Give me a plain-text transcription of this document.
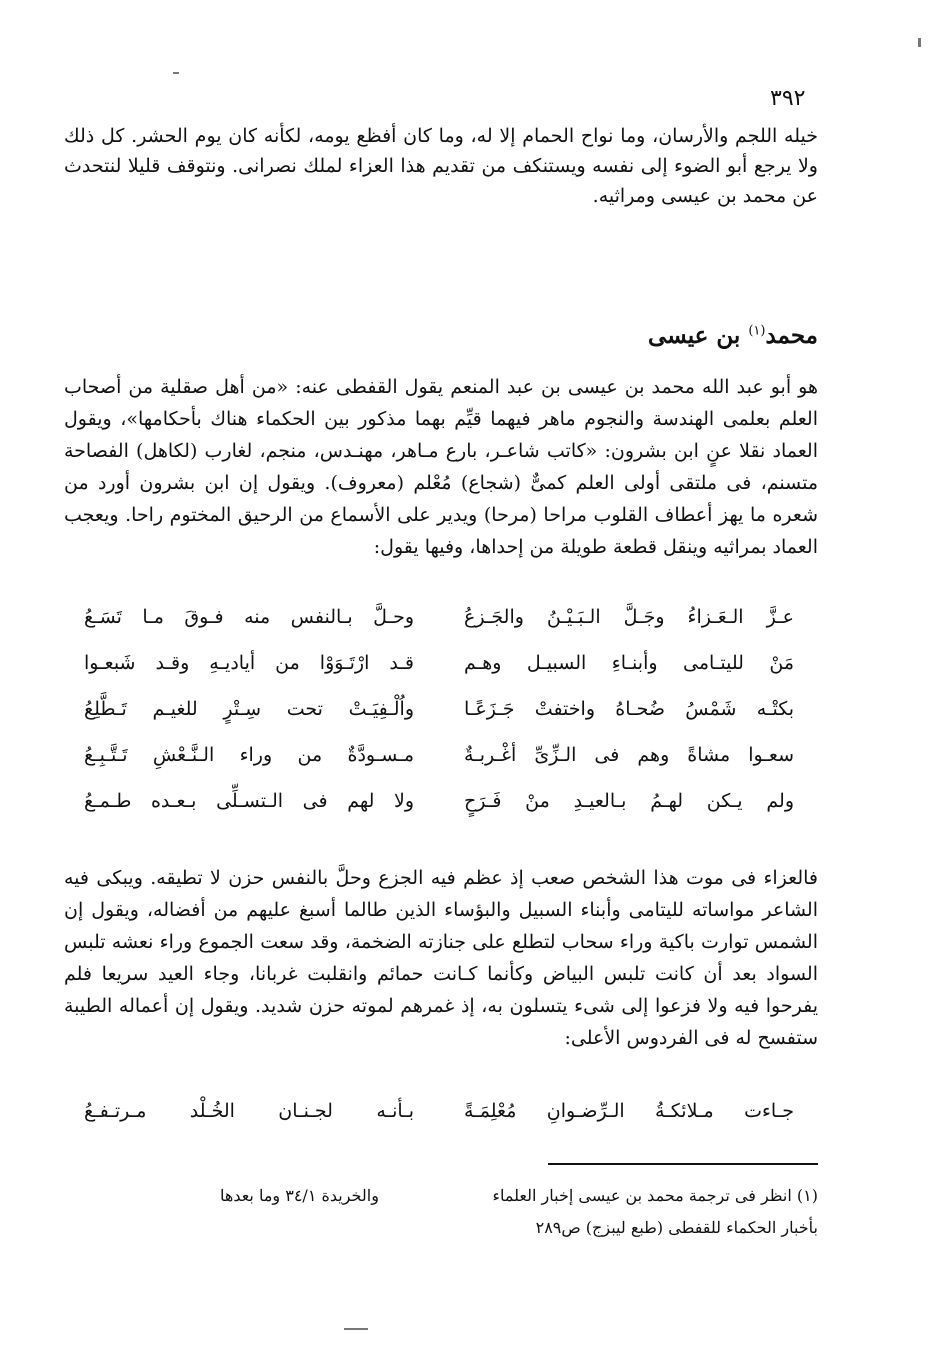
٣٩٢

خيله اللجم والأرسان، وما نواح الحمام إلا له، وما كان أفظع يومه، لكأنه كان يوم الحشر. كل ذلك ولا يرجع أبو الضوء إلى نفسه ويستنكف من تقديم هذا العزاء لملك نصرانى. ونتوقف قليلا لنتحدث عن محمد بن عيسى ومراثيه.

محمد$^{(١)}$ بن عيسى

هو أبو عبد الله محمد بن عيسى بن عبد المنعم يقول القفطى عنه: «من أهل صقلية من أصحاب العلم بعلمى الهندسة والنجوم ماهر فيهما قيِّم بهما مذكور بين الحكماء هناك بأحكامها»، ويقول العماد نقلا عنٍ ابن بشرون: «كاتب شاعـر، بارع مـاهر، مهنـدس، منجم، لغارب (لكاهل) الفصاحة متسنم، فى ملتقى أولى العلم كمىٌّ (شجاع) مُعْلم (معروف). ويقول إن ابن بشرون أورد من شعره ما يهز أعطاف القلوب مراحا (مرحا) ويدير على الأسماع من الرحيق المختوم راحا. ويعجب العماد بمراثيه وينقل قطعة طويلة من إحداها، وفيها يقول:

عـزَّ الـعَـزاءُ وجَـلَّ الـبَـيْـنُ والجَـزعُ
وحـلَّ بـالنفس منه فـوقَ مـا تَسَـعُ
مَنْ لليتـامى وأبنـاءِ السبيـل وهـم
قـد ارْتَـوَوْا من أياديـهِ وقـد شَبعـوا
بكتْـه شَمْسُ ضُحـاهُ واختفتْ جَـزَعًـا
واُلْـفِيَـتْ تحت سِـتْرٍ للغيـم تَـطَّلِعُ
سعـوا مشاةً وهم فى الـزِّىِّ أغْـربـةٌ
مـسـودَّةٌ من وراء الـنَّـعْشِ تَـتَّـبِـعُ
ولم يـكن لهـمُ بـالعيـدِ منْ فَـرَحٍ
ولا لهم فى الـتسـلِّى بـعـده طـمـعُ

فالعزاء فى موت هذا الشخص صعب إذ عظم فيه الجزع وحلَّ بالنفس حزن لا تطيقه. ويبكى فيه الشاعر مواساته لليتامى وأبناء السبيل والبؤساء الذين طالما أسبغ عليهم من أفضاله، ويقول إن الشمس توارت باكية وراء سحاب لتطلع على جنازته الضخمة، وقد سعت الجموع وراء نعشه تلبس السواد بعد أن كانت تلبس البياض وكأنما كـانت حمائم وانقلبت غربانا، وجاء العيد سريعا فلم يفرحوا فيه ولا فزعوا إلى شىء يتسلون به، إذ غمرهم لموته حزن شديد. ويقول إن أعماله الطيبة ستفسح له فى الفردوس الأعلى:

جـاءت مـلائكـةُ الـرِّضـوانِ مُعْلِمَـةً
بـأنـه لجـنـان الخُـلْد مـرتـفـعُ
(١) انظر فى ترجمة محمد بن عيسى إخبار العلماء
والخريدة ٣٤/١ وما بعدها
بأخبار الحكماء للقفطى (طبع ليبزج) ص٢٨٩
